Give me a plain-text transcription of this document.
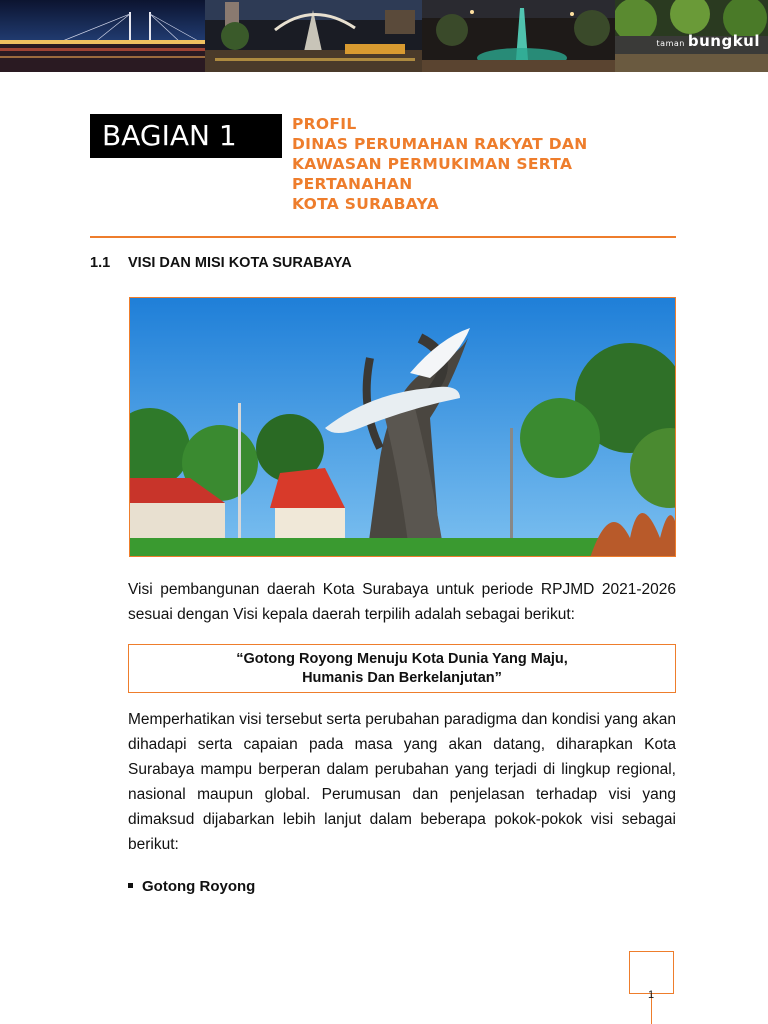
taman bungkul
BAGIAN 1	PROFIL
DINAS PERUMAHAN RAKYAT DAN
KAWASAN PERMUKIMAN SERTA
PERTANAHAN
KOTA SURABAYA
1.1 VISI DAN MISI KOTA SURABAYA
Visi pembangunan daerah Kota Surabaya untuk periode RPJMD 2021-2026 sesuai dengan Visi kepala daerah terpilih adalah sebagai berikut:
“Gotong Royong Menuju Kota Dunia Yang Maju,
Humanis Dan Berkelanjutan”
Memperhatikan visi tersebut serta perubahan paradigma dan kondisi yang akan dihadapi serta capaian pada masa yang akan datang, diharapkan Kota Surabaya mampu berperan dalam perubahan yang terjadi di lingkup regional, nasional maupun global. Perumusan dan penjelasan terhadap visi yang dimaksud dijabarkan lebih lanjut dalam beberapa pokok-pokok visi sebagai berikut:
Gotong Royong
1
